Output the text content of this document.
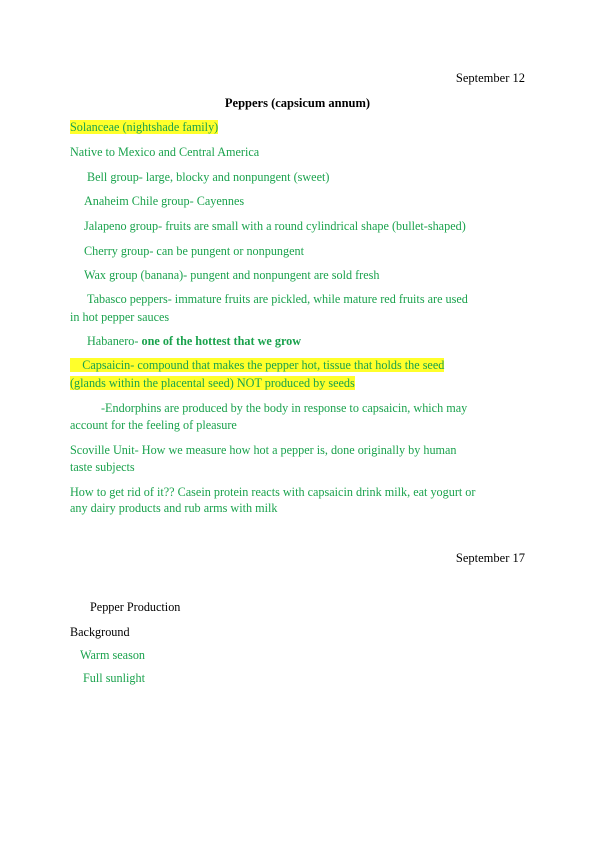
September 12
Peppers (capsicum annum)
Solanceae (nightshade family)
Native to Mexico and Central America
Bell group- large, blocky and nonpungent (sweet)
Anaheim Chile group- Cayennes
Jalapeno group- fruits are small with a round cylindrical shape (bullet-shaped)
Cherry group- can be pungent or nonpungent
Wax group (banana)- pungent and nonpungent are sold fresh
Tabasco peppers- immature fruits are pickled, while mature red fruits are used
in hot pepper sauces
Habanero- one of the hottest that we grow
Capsaicin- compound that makes the pepper hot, tissue that holds the seed
(glands within the placental seed) NOT produced by seeds
-Endorphins are produced by the body in response to capsaicin, which may
account for the feeling of pleasure
Scoville Unit- How we measure how hot a pepper is, done originally by human
taste subjects
How to get rid of it?? Casein protein reacts with capsaicin drink milk, eat yogurt or
any dairy products and rub arms with milk
September 17
Pepper Production
Background
Warm season
Full sunlight
